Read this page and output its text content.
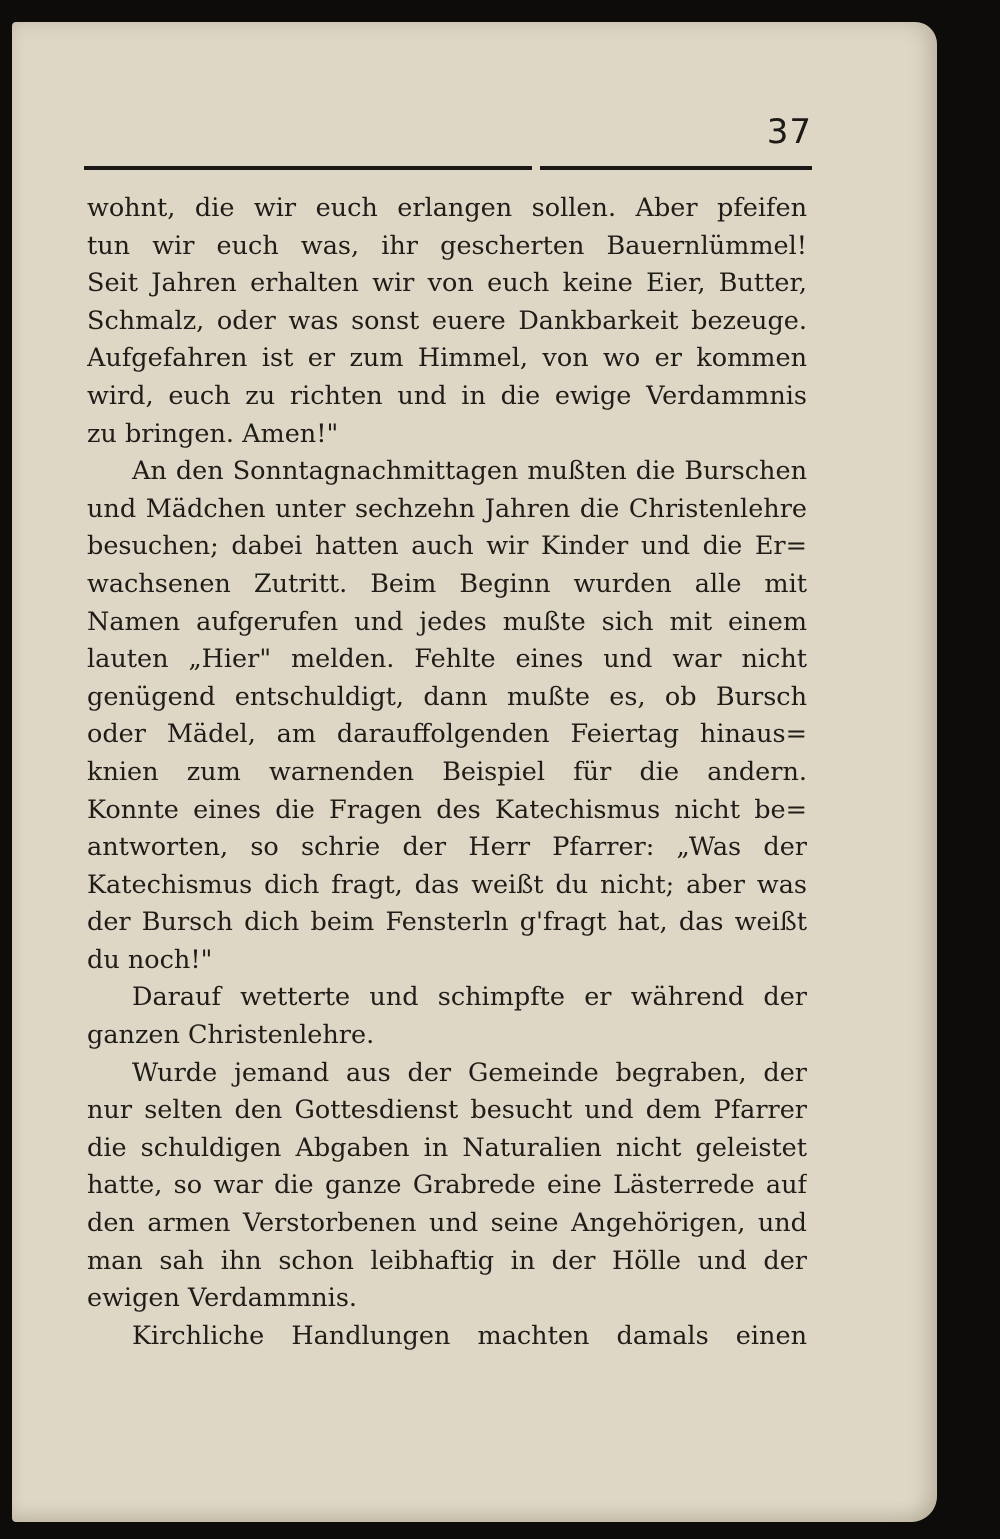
37
wohnt, die wir euch erlangen sollen. Aber pfeifen
tun wir euch was, ihr gescherten Bauernlümmel!
Seit Jahren erhalten wir von euch keine Eier, Butter,
Schmalz, oder was sonst euere Dankbarkeit bezeuge.
Aufgefahren ist er zum Himmel, von wo er kommen
wird, euch zu richten und in die ewige Verdammnis
zu bringen. Amen!"
An den Sonntagnachmittagen mußten die Burschen
und Mädchen unter sechzehn Jahren die Christenlehre
besuchen; dabei hatten auch wir Kinder und die Er=
wachsenen Zutritt. Beim Beginn wurden alle mit
Namen aufgerufen und jedes mußte sich mit einem
lauten „Hier" melden. Fehlte eines und war nicht
genügend entschuldigt, dann mußte es, ob Bursch
oder Mädel, am darauffolgenden Feiertag hinaus=
knien zum warnenden Beispiel für die andern.
Konnte eines die Fragen des Katechismus nicht be=
antworten, so schrie der Herr Pfarrer: „Was der
Katechismus dich fragt, das weißt du nicht; aber was
der Bursch dich beim Fensterln g'fragt hat, das weißt
du noch!"
Darauf wetterte und schimpfte er während der
ganzen Christenlehre.
Wurde jemand aus der Gemeinde begraben, der
nur selten den Gottesdienst besucht und dem Pfarrer
die schuldigen Abgaben in Naturalien nicht geleistet
hatte, so war die ganze Grabrede eine Lästerrede auf
den armen Verstorbenen und seine Angehörigen, und
man sah ihn schon leibhaftig in der Hölle und der
ewigen Verdammnis.
Kirchliche Handlungen machten damals einen
